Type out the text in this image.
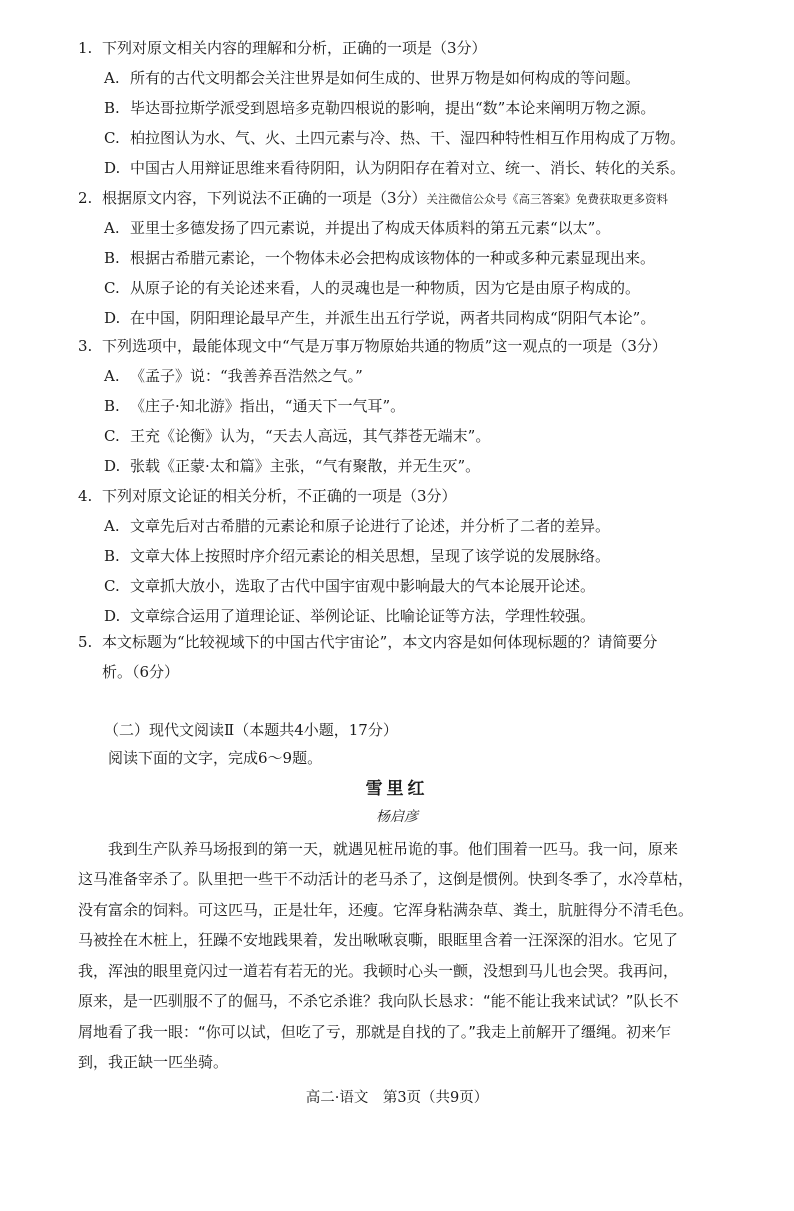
1. 下列对原文相关内容的理解和分析，正确的一项是（3分）
A. 所有的古代文明都会关注世界是如何生成的、世界万物是如何构成的等问题。
B. 毕达哥拉斯学派受到恩培多克勒四根说的影响，提出“数”本论来阐明万物之源。
C. 柏拉图认为水、气、火、土四元素与冷、热、干、湿四种特性相互作用构成了万物。
D. 中国古人用辩证思维来看待阴阳，认为阴阳存在着对立、统一、消长、转化的关系。
2. 根据原文内容，下列说法不正确的一项是（3分）关注微信公众号《高三答案》免费获取更多资料
A. 亚里士多德发扬了四元素说，并提出了构成天体质料的第五元素“以太”。
B. 根据古希腊元素论，一个物体未必会把构成该物体的一种或多种元素显现出来。
C. 从原子论的有关论述来看，人的灵魂也是一种物质，因为它是由原子构成的。
D. 在中国，阴阳理论最早产生，并派生出五行学说，两者共同构成“阴阳气本论”。
3. 下列选项中，最能体现文中“气是万事万物原始共通的物质”这一观点的一项是（3分）
A. 《孟子》说：“我善养吾浩然之气。”
B. 《庄子·知北游》指出，“通天下一气耳”。
C. 王充《论衡》认为，“天去人高远，其气莽苍无端末”。
D. 张载《正蒙·太和篇》主张，“气有聚散，并无生灭”。
4. 下列对原文论证的相关分析，不正确的一项是（3分）
A. 文章先后对古希腊的元素论和原子论进行了论述，并分析了二者的差异。
B. 文章大体上按照时序介绍元素论的相关思想，呈现了该学说的发展脉络。
C. 文章抓大放小，选取了古代中国宇宙观中影响最大的气本论展开论述。
D. 文章综合运用了道理论证、举例论证、比喻论证等方法，学理性较强。
5. 本文标题为“比较视域下的中国古代宇宙论”，本文内容是如何体现标题的？请简要分
析。（6分）
（二）现代文阅读Ⅱ（本题共4小题，17分）
阅读下面的文字，完成6～9题。
雪里红
杨启彦
　　我到生产队养马场报到的第一天，就遇见桩吊诡的事。他们围着一匹马。我一问，原来
这马准备宰杀了。队里把一些干不动活计的老马杀了，这倒是惯例。快到冬季了，水冷草枯，
没有富余的饲料。可这匹马，正是壮年，还瘦。它浑身粘满杂草、粪土，肮脏得分不清毛色。
马被拴在木桩上，狂躁不安地践果着，发出啾啾哀嘶，眼眶里含着一汪深深的泪水。它见了
我，浑浊的眼里竟闪过一道若有若无的光。我顿时心头一颤，没想到马儿也会哭。我再问，
原来，是一匹驯服不了的倔马，不杀它杀谁？我向队长恳求：“能不能让我来试试？”队长不
屑地看了我一眼：“你可以试，但吃了亏，那就是自找的了。”我走上前解开了缰绳。初来乍
到，我正缺一匹坐骑。
高二·语文　第3页（共9页）
